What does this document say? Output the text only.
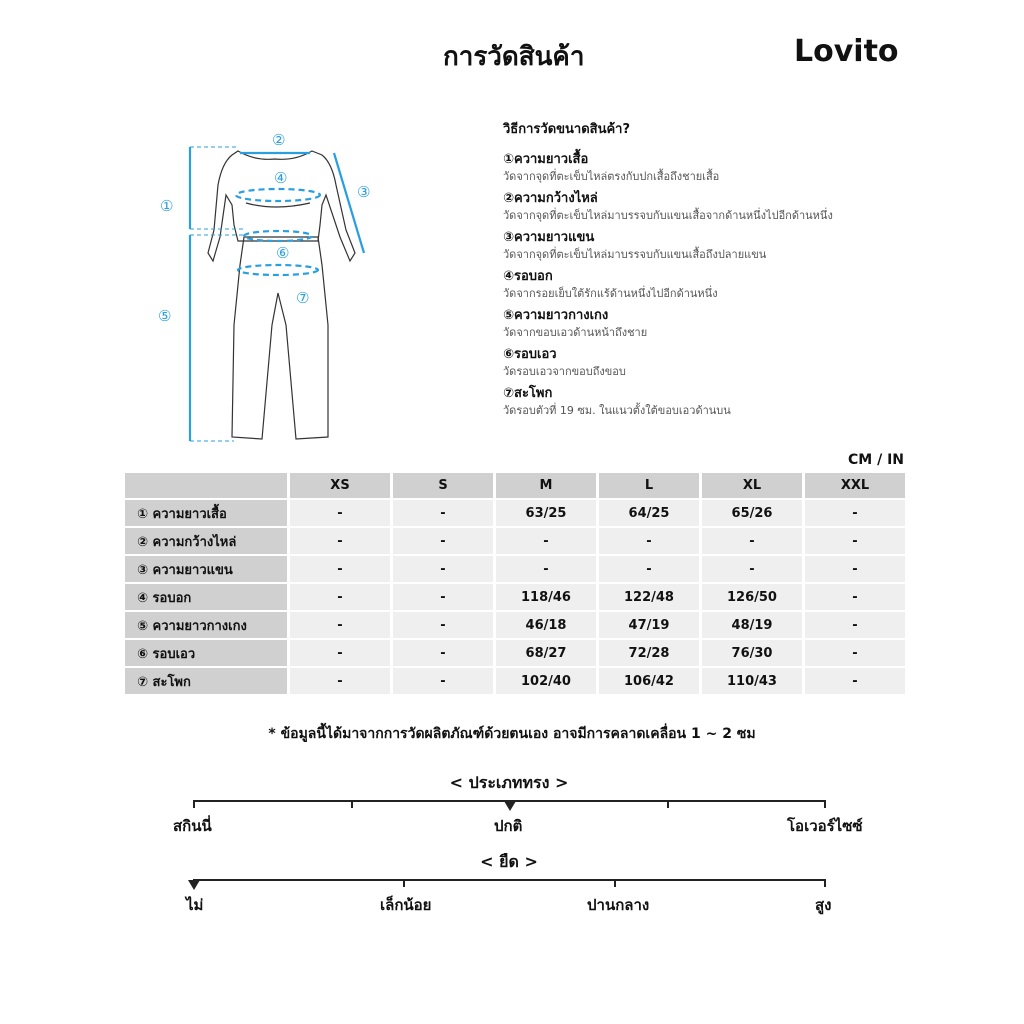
การวัดสินค้า	Lovito
①
②
③
④
⑤
⑥
⑦
วิธีการวัดขนาดสินค้า?
①ความยาวเสื้อ
วัดจากจุดที่ตะเข็บไหล่ตรงกับปกเสื้อถึงชายเสื้อ
②ความกว้างไหล่
วัดจากจุดที่ตะเข็บไหล่มาบรรจบกับแขนเสื้อจากด้านหนึ่งไปอีกด้านหนึ่ง
③ความยาวแขน
วัดจากจุดที่ตะเข็บไหล่มาบรรจบกับแขนเสื้อถึงปลายแขน
④รอบอก
วัดจากรอยเย็บใต้รักแร้ด้านหนึ่งไปอีกด้านหนึ่ง
⑤ความยาวกางเกง
วัดจากขอบเอวด้านหน้าถึงชาย
⑥รอบเอว
วัดรอบเอวจากขอบถึงขอบ
⑦สะโพก
วัดรอบตัวที่ 19 ซม. ในแนวตั้งใต้ขอบเอวด้านบน
CM / IN
	XS	S	M	L	XL	XXL
① ความยาวเสื้อ	-	-	63/25	64/25	65/26	-
② ความกว้างไหล่	-	-	-	-	-	-
③ ความยาวแขน	-	-	-	-	-	-
④ รอบอก	-	-	118/46	122/48	126/50	-
⑤ ความยาวกางเกง	-	-	46/18	47/19	48/19	-
⑥ รอบเอว	-	-	68/27	72/28	76/30	-
⑦ สะโพก	-	-	102/40	106/42	110/43	-
* ข้อมูลนี้ได้มาจากการวัดผลิตภัณฑ์ด้วยตนเอง อาจมีการคลาดเคลื่อน 1 ~ 2 ซม
< ประเภททรง >
สกินนี่	ปกติ	โอเวอร์ไซซ์
< ยืด >
ไม่	เล็กน้อย	ปานกลาง	สูง
